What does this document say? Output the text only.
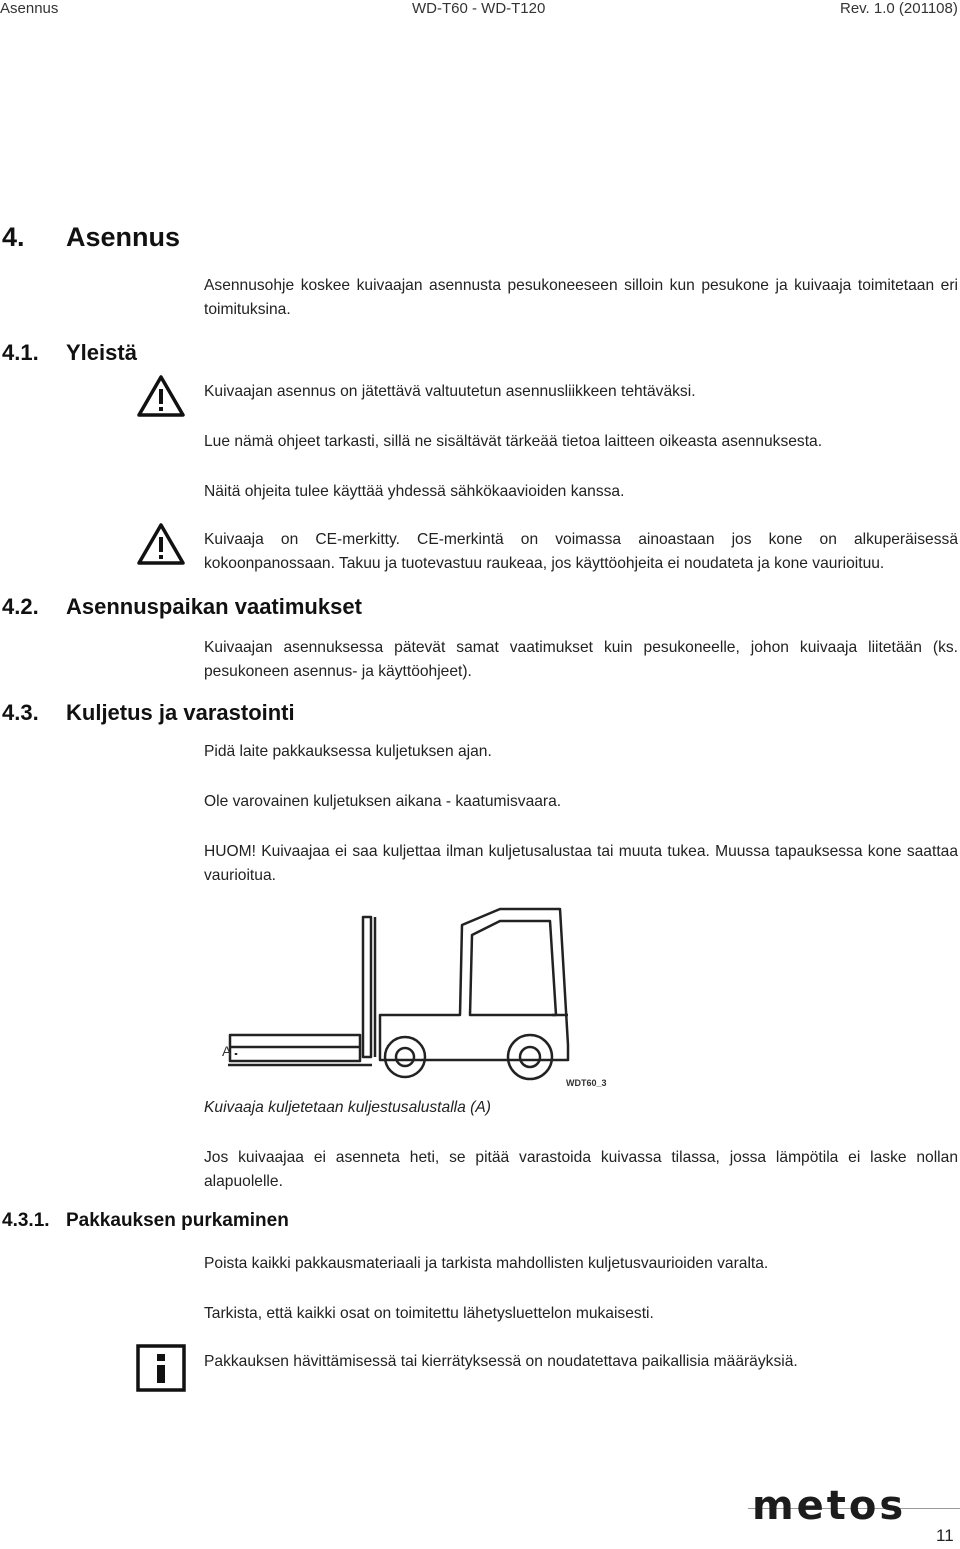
Asennus	WD-T60 - WD-T120	Rev. 1.0 (201108)
4. Asennus
Asennusohje koskee kuivaajan asennusta pesukoneeseen silloin kun pesukone ja kuivaaja toimitetaan eri toimituksina.
4.1. Yleistä
Kuivaajan asennus on jätettävä valtuutetun asennusliikkeen tehtäväksi.
Lue nämä ohjeet tarkasti, sillä ne sisältävät tärkeää tietoa laitteen oikeasta asennuksesta.
Näitä ohjeita tulee käyttää yhdessä sähkökaavioiden kanssa.
Kuivaaja on CE-merkitty. CE-merkintä on voimassa ainoastaan jos kone on alkuperäisessä kokoonpanossaan. Takuu ja tuotevastuu raukeaa, jos käyttöohjeita ei noudateta ja kone vaurioituu.
4.2. Asennuspaikan vaatimukset
Kuivaajan asennuksessa pätevät samat vaatimukset kuin pesukoneelle, johon kuivaaja liitetään (ks. pesukoneen asennus- ja käyttöohjeet).
4.3. Kuljetus ja varastointi
Pidä laite pakkauksessa kuljetuksen ajan.
Ole varovainen kuljetuksen aikana - kaatumisvaara.
HUOM! Kuivaajaa ei saa kuljettaa ilman kuljetusalustaa tai muuta tukea. Muussa tapauksessa kone saattaa vaurioitua.
A
WDT60_3
Kuivaaja kuljetetaan kuljestusalustalla (A)
Jos kuivaajaa ei asenneta heti, se pitää varastoida kuivassa tilassa, jossa lämpötila ei laske nollan alapuolelle.
4.3.1. Pakkauksen purkaminen
Poista kaikki pakkausmateriaali ja tarkista mahdollisten kuljetusvaurioiden varalta.
Tarkista, että kaikki osat on toimitettu lähetysluettelon mukaisesti.
Pakkauksen hävittämisessä tai kierrätyksessä on noudatettava paikallisia määräyksiä.
metos
11
